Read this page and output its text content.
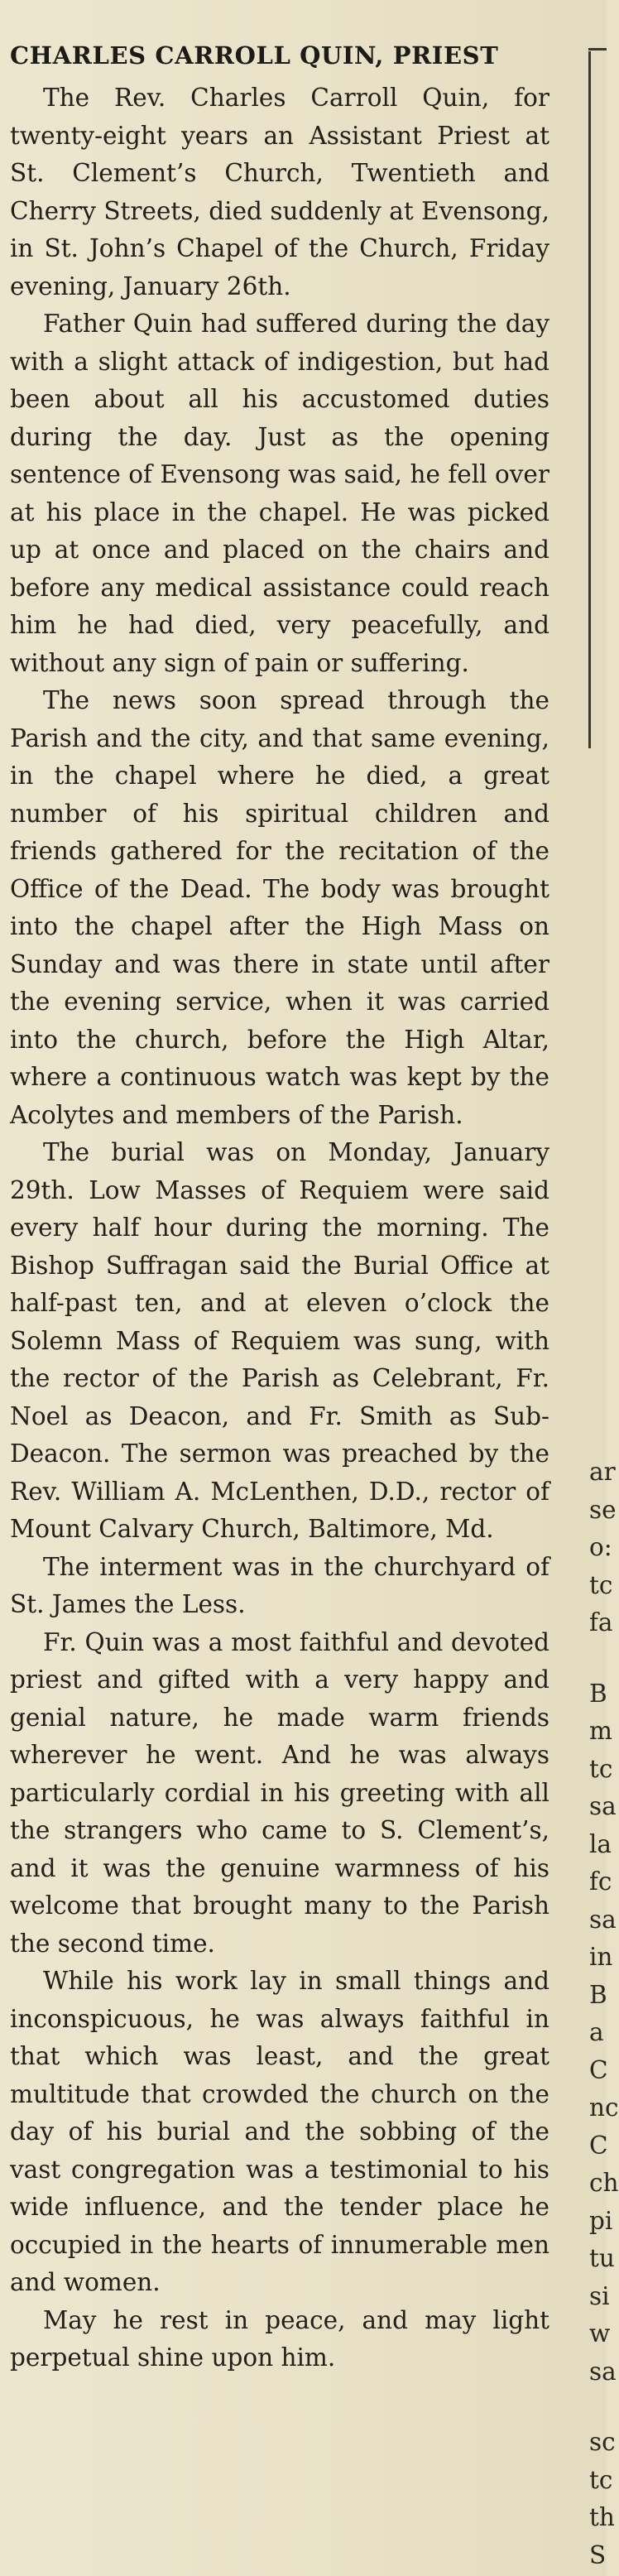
CHARLES CARROLL QUIN, PRIEST

The Rev. Charles Carroll Quin, for twenty-eight years an Assistant Priest at St. Clement’s Church, Twentieth and Cherry Streets, died suddenly at Evensong, in St. John’s Chapel of the Church, Friday evening, January 26th.

Father Quin had suffered during the day with a slight attack of indigestion, but had been about all his accustomed duties during the day. Just as the opening sentence of Evensong was said, he fell over at his place in the chapel. He was picked up at once and placed on the chairs and before any medical assistance could reach him he had died, very peacefully, and without any sign of pain or suffering.

The news soon spread through the Parish and the city, and that same evening, in the chapel where he died, a great number of his spiritual children and friends gathered for the recitation of the Office of the Dead. The body was brought into the chapel after the High Mass on Sunday and was there in state until after the evening service, when it was carried into the church, before the High Altar, where a continuous watch was kept by the Acolytes and members of the Parish.

The burial was on Monday, January 29th. Low Masses of Requiem were said every half hour during the morning. The Bishop Suffragan said the Burial Office at half-past ten, and at eleven o’clock the Solemn Mass of Requiem was sung, with the rector of the Parish as Celebrant, Fr. Noel as Deacon, and Fr. Smith as Sub-Deacon. The sermon was preached by the Rev. William A. McLenthen, D.D., rector of Mount Calvary Church, Baltimore, Md.

The interment was in the churchyard of St. James the Less.

Fr. Quin was a most faithful and devoted priest and gifted with a very happy and genial nature, he made warm friends wherever he went. And he was always particularly cordial in his greeting with all the strangers who came to S. Clement’s, and it was the genuine warmness of his welcome that brought many to the Parish the second time.

While his work lay in small things and inconspicuous, he was always faithful in that which was least, and the great multitude that crowded the church on the day of his burial and the sobbing of the vast congregation was a testimonial to his wide influence, and the tender place he occupied in the hearts of innumerable men and women.

May he rest in peace, and may light perpetual shine upon him.

ar
se
o:
tc
fa
B
m
tc
sa
la
fc
sa
in
B
a
C
nc
C
ch
pi
tu
si
w
sa
sc
tc
th
S
